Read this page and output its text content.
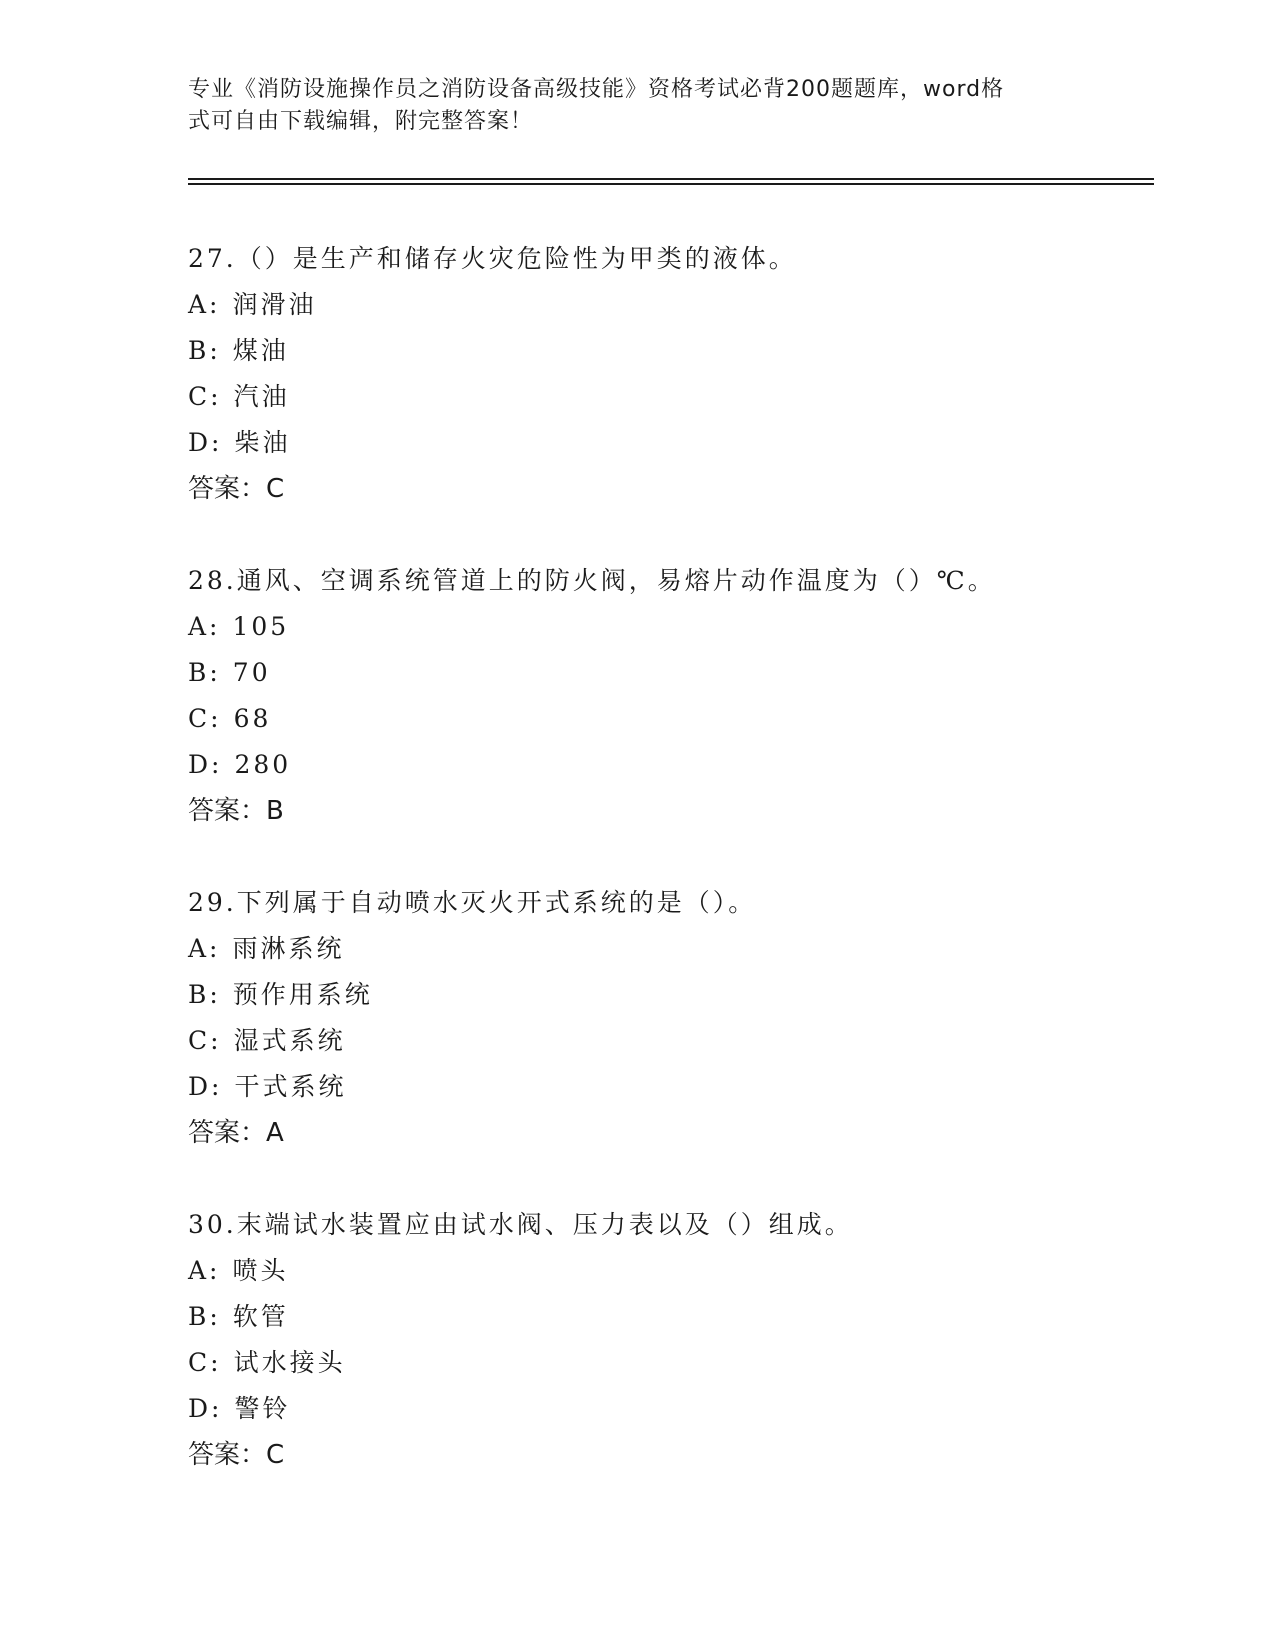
专业《消防设施操作员之消防设备高级技能》资格考试必背200题题库，word格
式可自由下载编辑，附完整答案！
27.（）是生产和储存火灾危险性为甲类的液体。
A: 润滑油
B: 煤油
C: 汽油
D: 柴油
答案：C
28.通风、空调系统管道上的防火阀，易熔片动作温度为（）℃。
A: 105
B: 70
C: 68
D: 280
答案：B
29.下列属于自动喷水灭火开式系统的是（）。
A: 雨淋系统
B: 预作用系统
C: 湿式系统
D: 干式系统
答案：A
30.末端试水装置应由试水阀、压力表以及（）组成。
A: 喷头
B: 软管
C: 试水接头
D: 警铃
答案：C
